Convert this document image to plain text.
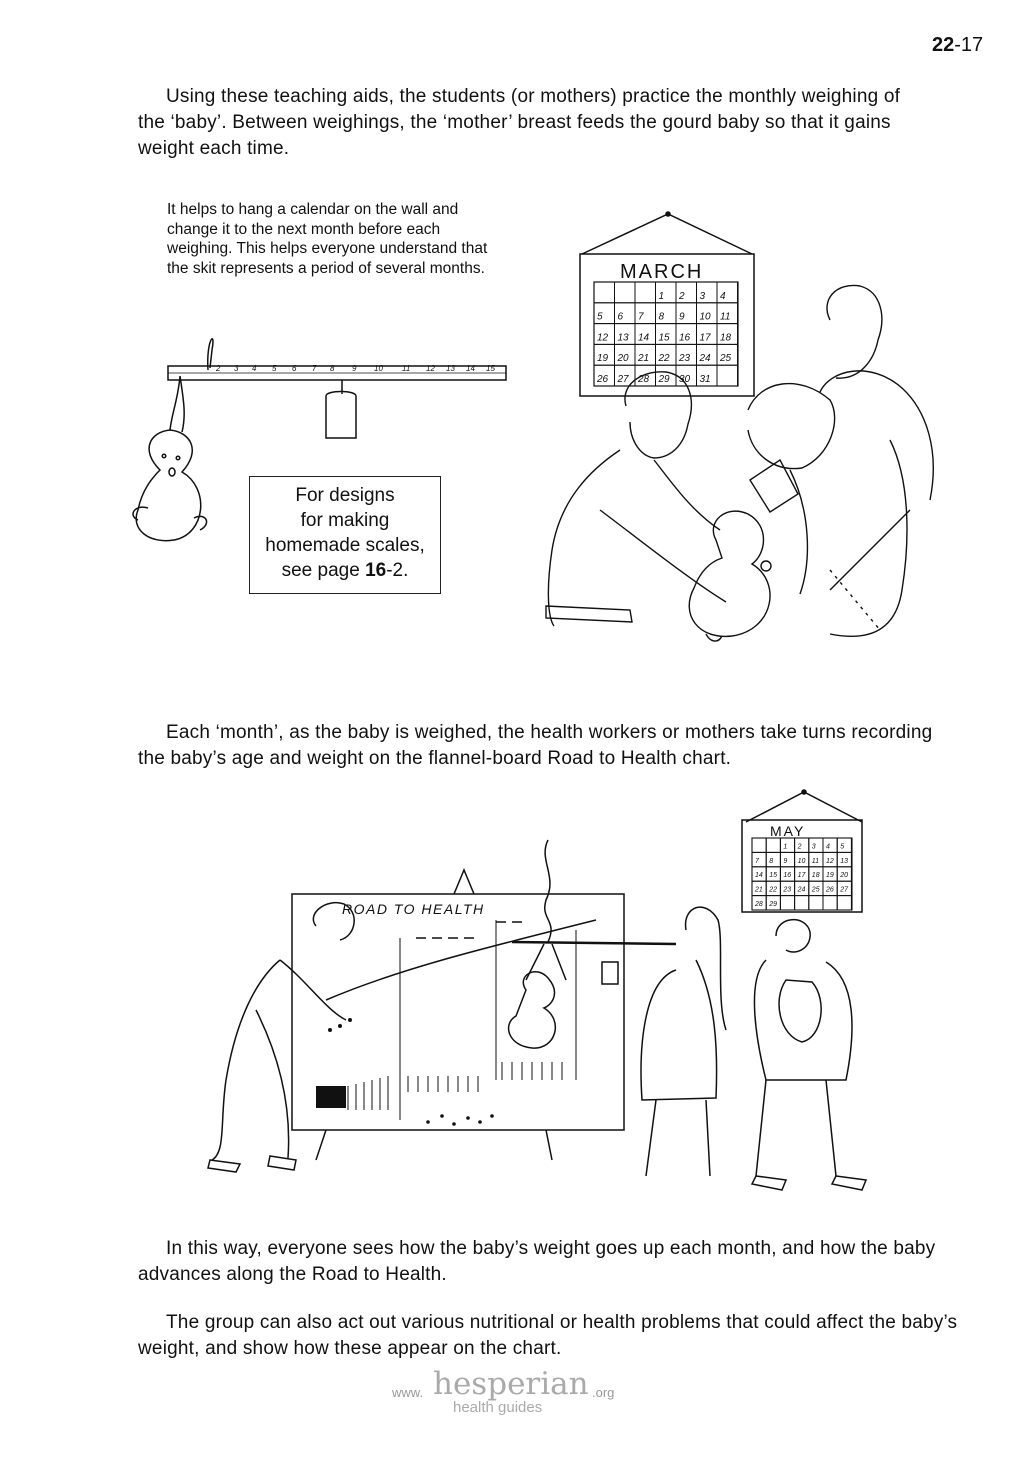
22-17
Using these teaching aids, the students (or mothers) practice the monthly weighing of the ‘baby’. Between weighings, the ‘mother’ breast feeds the gourd baby so that it gains weight each time.
It helps to hang a calendar on the wall and change it to the next month before each weighing. This helps everyone understand that the skit represents a period of several months.
2 3 4 5 6 7 8 9 10 11 12 13 14 15
For designs
for making
homemade scales,
see page 16-2.
MARCH
1 2 3 4
5 6 7 8 9 10 11
12 13 14 15 16 17 18
19 20 21 22 23 24 25
26 27 28 29 30 31
Each ‘month’, as the baby is weighed, the health workers or mothers take turns recording the baby’s age and weight on the flannel-board Road to Health chart.
ROAD TO HEALTH
MAY
1 2 3 4 5
7 8 9 10 11 12 13
14 15 16 17 18 19 20
21 22 23 24 25 26 27
28 29
In this way, everyone sees how the baby’s weight goes up each month, and how the baby advances along the Road to Health.
The group can also act out various nutritional or health problems that could affect the baby’s weight, and show how these appear on the chart.
www. hesperian .org
health guides
